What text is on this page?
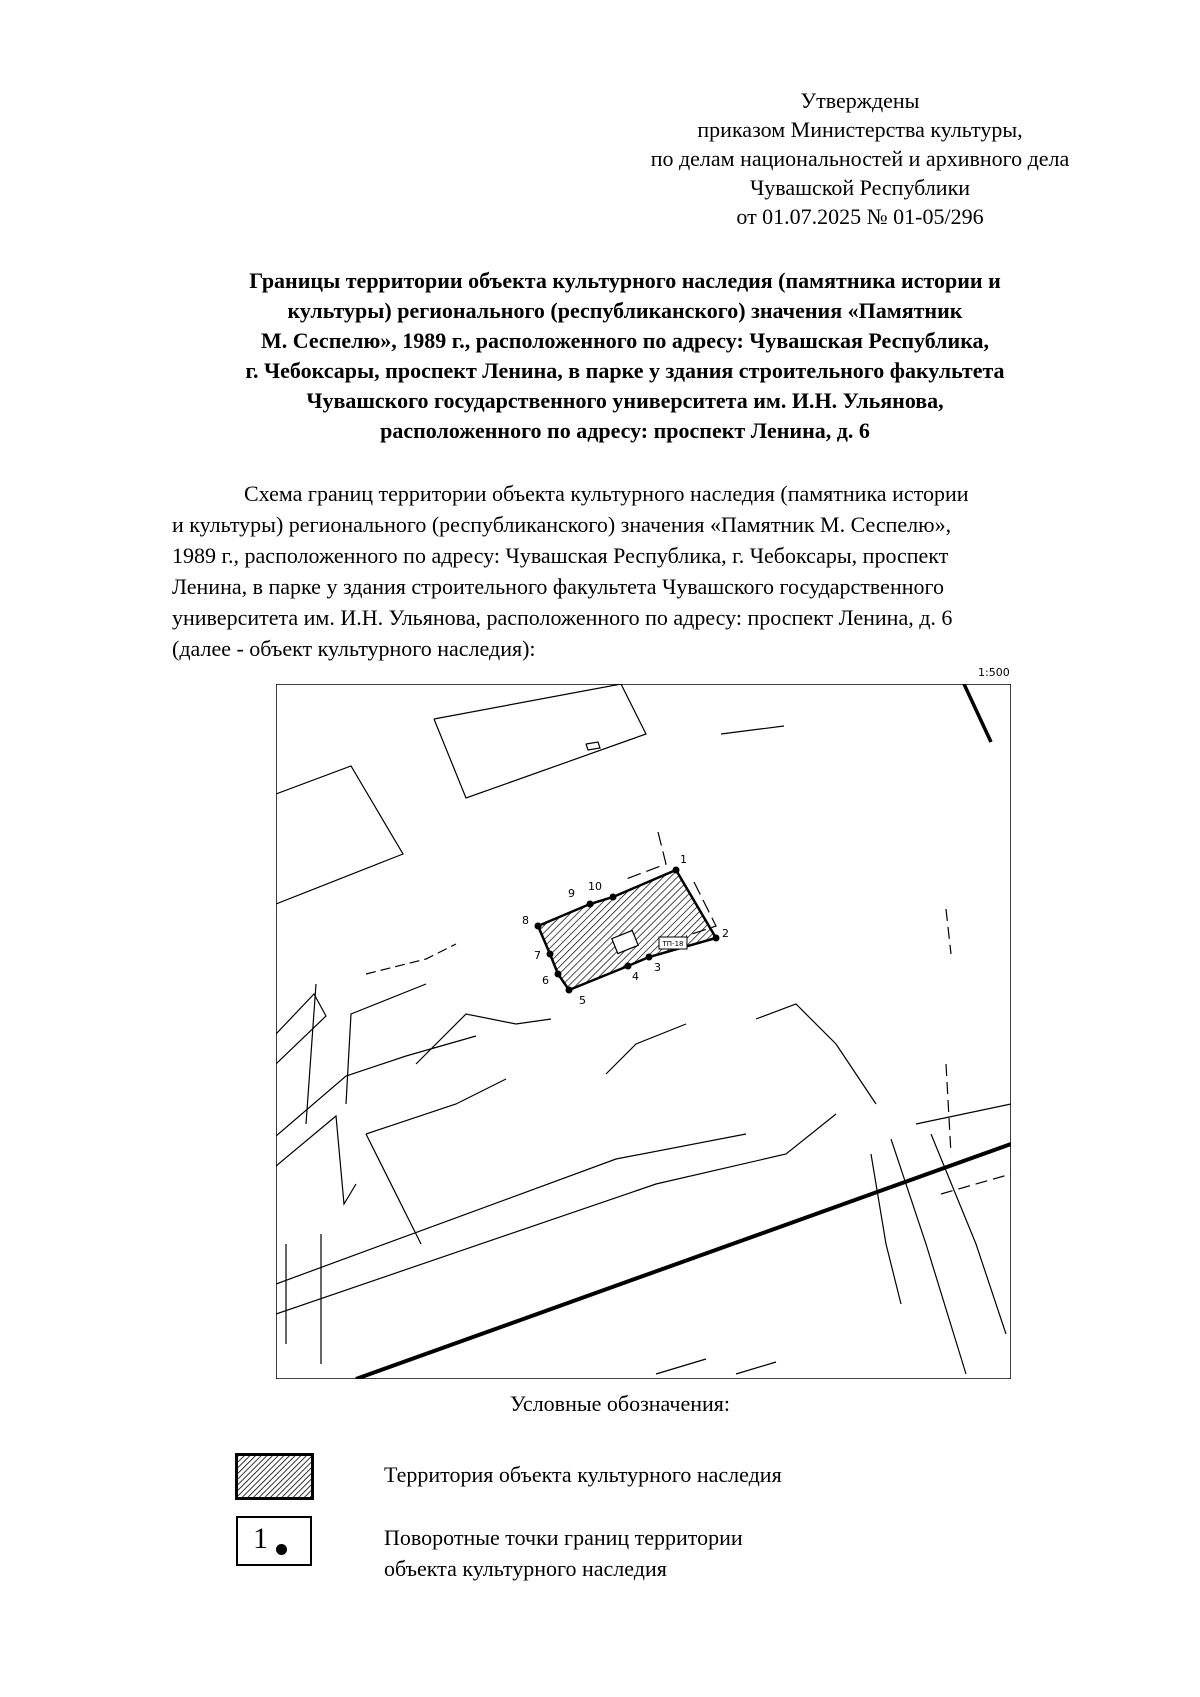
Утверждены
приказом Министерства культуры,
по делам национальностей и архивного дела
Чувашской Республики
от 01.07.2025 № 01-05/296
Границы территории объекта культурного наследия (памятника истории и
культуры) регионального (республиканского) значения «Памятник
М. Сеспелю», 1989 г., расположенного по адресу: Чувашская Республика,
г. Чебоксары, проспект Ленина, в парке у здания строительного факультета
Чувашского государственного университета им. И.Н. Ульянова,
расположенного по адресу: проспект Ленина, д. 6
Схема границ территории объекта культурного наследия (памятника истории
и культуры) регионального (республиканского) значения «Памятник М. Сеспелю»,
1989 г., расположенного по адресу: Чувашская Республика, г. Чебоксары, проспект
Ленина, в парке у здания строительного факультета Чувашского государственного
университета им. И.Н. Ульянова, расположенного по адресу: проспект Ленина, д. 6
(далее - объект культурного наследия):
1:500
ТП-18
1
2
3
4
5
6
7
8
9
10
Условные обозначения:
Территория объекта культурного наследия
1	Поворотные точки границ территории
объекта культурного наследия
